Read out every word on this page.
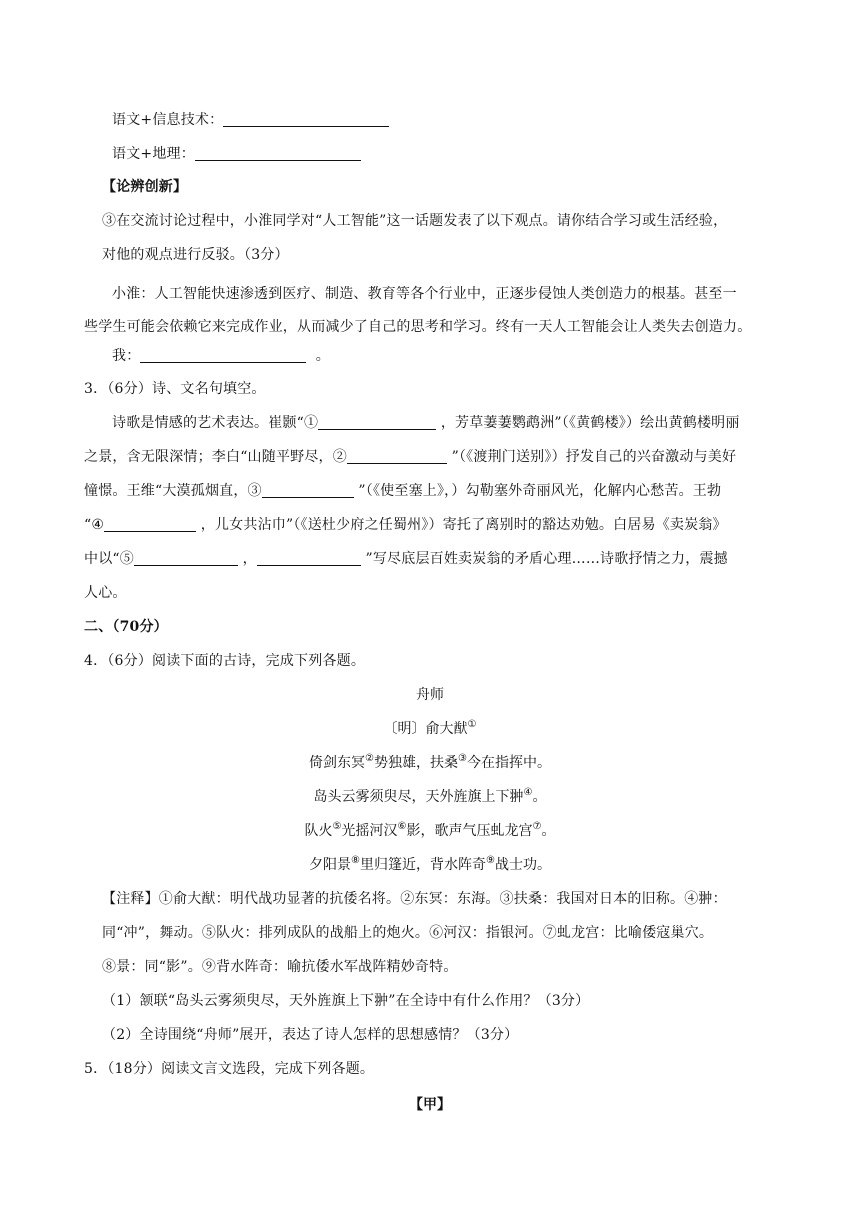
语文+信息技术：
语文+地理：
【论辨创新】
③在交流讨论过程中，小淮同学对“人工智能”这一话题发表了以下观点。请你结合学习或生活经验，
对他的观点进行反驳。（3分）
小淮：人工智能快速渗透到医疗、制造、教育等各个行业中，正逐步侵蚀人类创造力的根基。甚至一
些学生可能会依赖它来完成作业，从而减少了自己的思考和学习。终有一天人工智能会让人类失去创造力。
我：	。
3．（6分）诗、文名句填空。
诗歌是情感的艺术表达。崔颢“①	，芳草萋萋鹦鹉洲”（《黄鹤楼》）绘出黄鹤楼明丽
之景，含无限深情；李白“山随平野尽，②	”（《渡荆门送别》）抒发自己的兴奋激动与美好
憧憬。王维“大漠孤烟直，③	”（《使至塞上》，）勾勒塞外奇丽风光，化解内心愁苦。王勃
“④	，儿女共沾巾”（《送杜少府之任蜀州》）寄托了离别时的豁达劝勉。白居易《卖炭翁》
中以“⑤	，	”写尽底层百姓卖炭翁的矛盾心理……诗歌抒情之力，震撼
人心。
二、（70分）
4．（6分）阅读下面的古诗，完成下列各题。
舟师
〔明〕俞大猷①
倚剑东冥②势独雄，扶桑③今在指挥中。
岛头云雾须臾尽，天外旌旗上下翀④。
队火⑤光摇河汉⑥影，歌声气压虬龙宫⑦。
夕阳景⑧里归篷近，背水阵奇⑨战士功。
【注释】①俞大猷：明代战功显著的抗倭名将。②东冥：东海。③扶桑：我国对日本的旧称。④翀：
同“冲”，舞动。⑤队火：排列成队的战船上的炮火。⑥河汉：指银河。⑦虬龙宫：比喻倭寇巢穴。
⑧景：同“影”。⑨背水阵奇：喻抗倭水军战阵精妙奇特。
（1）颔联“岛头云雾须臾尽，天外旌旗上下翀”在全诗中有什么作用？（3分）
（2）全诗围绕“舟师”展开，表达了诗人怎样的思想感情？（3分）
5．（18分）阅读文言文选段，完成下列各题。
【甲】
